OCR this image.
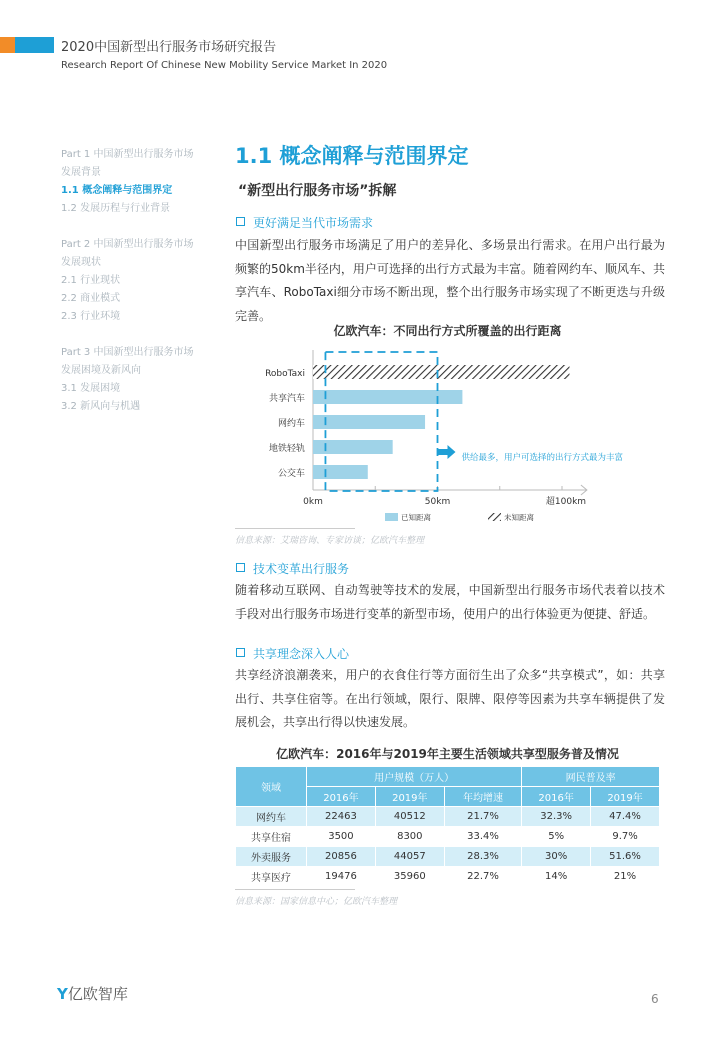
2020中国新型出行服务市场研究报告
Research Report Of Chinese New Mobility Service Market In 2020
Part 1 中国新型出行服务市场
发展背景
1.1 概念阐释与范围界定
1.2 发展历程与行业背景
Part 2 中国新型出行服务市场
发展现状
2.1 行业现状
2.2 商业模式
2.3 行业环境
Part 3 中国新型出行服务市场
发展困境及新风向
3.1 发展困境
3.2 新风向与机遇
1.1 概念阐释与范围界定
“新型出行服务市场”拆解
更好满足当代市场需求
中国新型出行服务市场满足了用户的差异化、多场景出行需求。在用户出行最为频繁的50km半径内，用户可选择的出行方式最为丰富。随着网约车、顺风车、共享汽车、RoboTaxi细分市场不断出现，整个出行服务市场实现了不断更迭与升级完善。
亿欧汽车：不同出行方式所覆盖的出行距离
RoboTaxi
共享汽车
网约车
地铁轻轨
公交车
供给最多，用户可选择的出行方式最为丰富
0km	50km	超100km
已知距离	未知距离
信息来源：艾瑞咨询、专家访谈；亿欧汽车整理
技术变革出行服务
随着移动互联网、自动驾驶等技术的发展，中国新型出行服务市场代表着以技术手段对出行服务市场进行变革的新型市场，使用户的出行体验更为便捷、舒适。
共享理念深入人心
共享经济浪潮袭来，用户的衣食住行等方面衍生出了众多“共享模式”，如：共享出行、共享住宿等。在出行领域，限行、限牌、限停等因素为共享车辆提供了发展机会，共享出行得以快速发展。
亿欧汽车：2016年与2019年主要生活领域共享型服务普及情况
领域	用户规模（万人）			网民普及率	
	2016年	2019年	年均增速	2016年	2019年
网约车	22463	40512	21.7%	32.3%	47.4%
共享住宿	3500	8300	33.4%	5%	9.7%
外卖服务	20856	44057	28.3%	30%	51.6%
共享医疗	19476	35960	22.7%	14%	21%
信息来源：国家信息中心；亿欧汽车整理
Y亿欧智库	6
